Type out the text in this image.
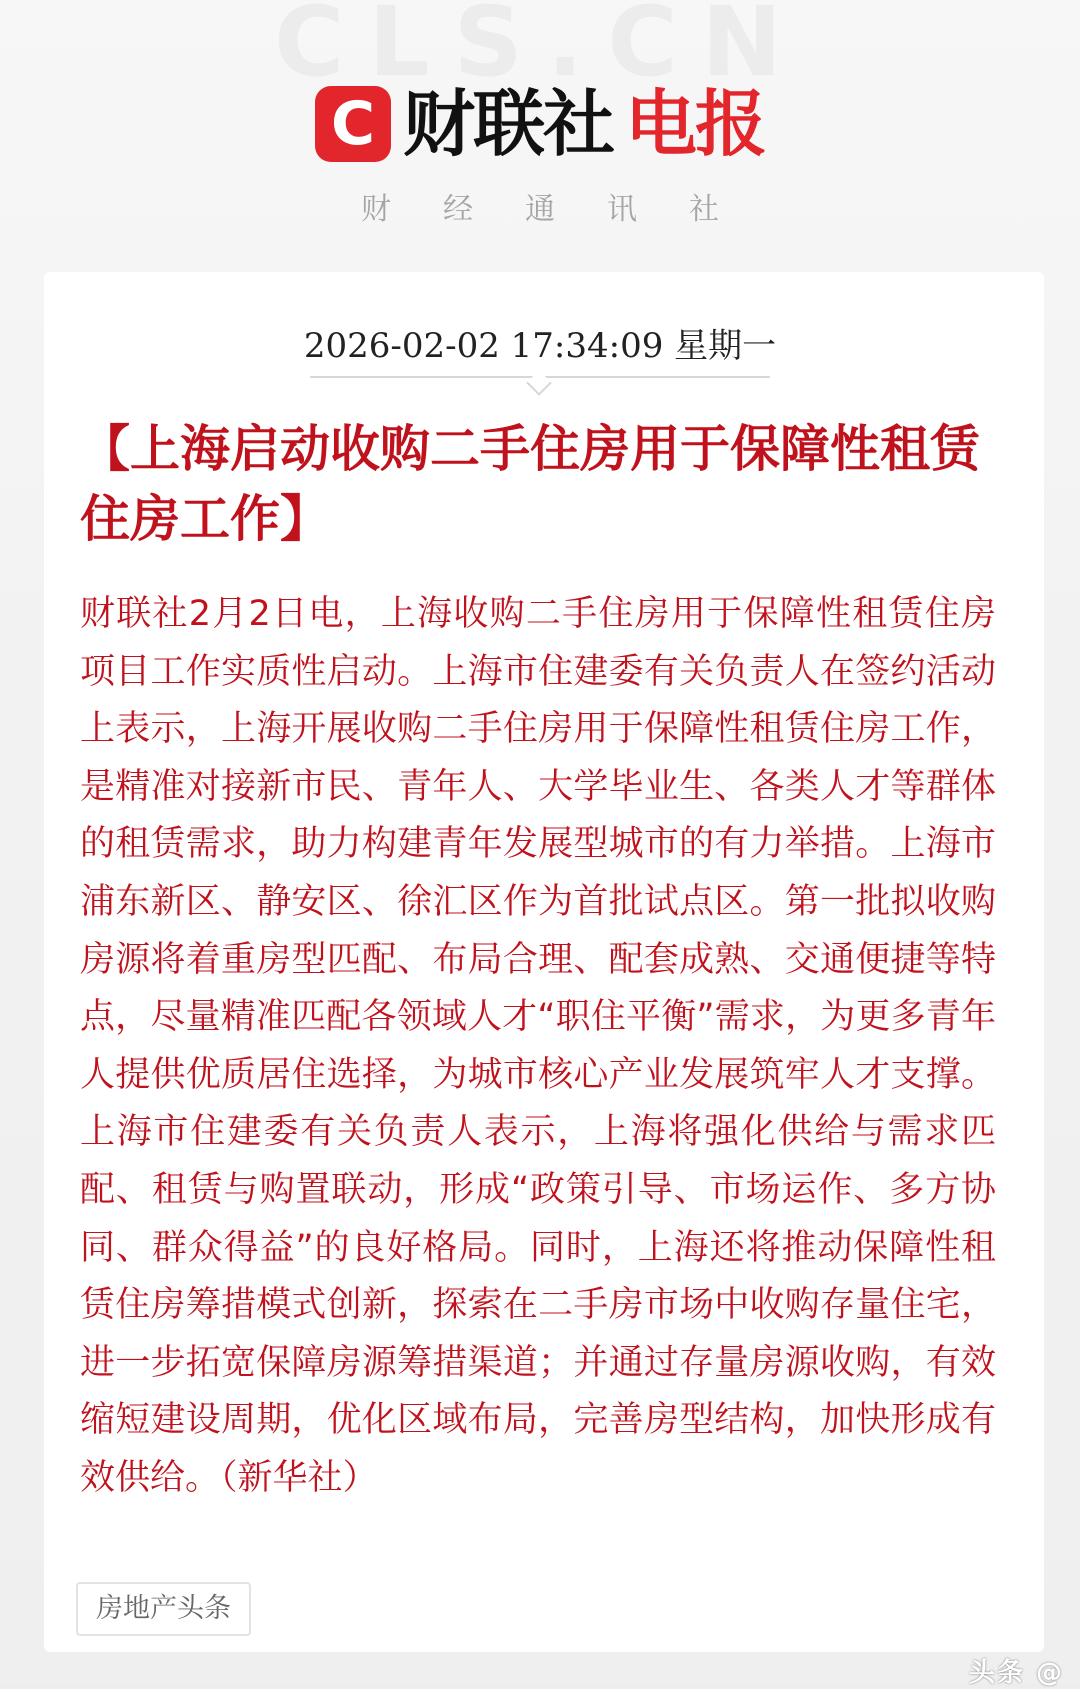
C 财联社 电报
财经通讯社
2026-02-02 17:34:09 星期一
【上海启动收购二手住房用于保障性租赁住房工作】

财联社2月2日电，上海收购二手住房用于保障性租赁住房项目工作实质性启动。上海市住建委有关负责人在签约活动上表示，上海开展收购二手住房用于保障性租赁住房工作，是精准对接新市民、青年人、大学毕业生、各类人才等群体的租赁需求，助力构建青年发展型城市的有力举措。上海市浦东新区、静安区、徐汇区作为首批试点区。第一批拟收购房源将着重房型匹配、布局合理、配套成熟、交通便捷等特点，尽量精准匹配各领域人才“职住平衡”需求，为更多青年人提供优质居住选择，为城市核心产业发展筑牢人才支撑。上海市住建委有关负责人表示，上海将强化供给与需求匹配、租赁与购置联动，形成“政策引导、市场运作、多方协同、群众得益”的良好格局。同时，上海还将推动保障性租赁住房筹措模式创新，探索在二手房市场中收购存量住宅，进一步拓宽保障房源筹措渠道；并通过存量房源收购，有效缩短建设周期，优化区域布局，完善房型结构，加快形成有效供给。（新华社）

房地产头条
头条 @
